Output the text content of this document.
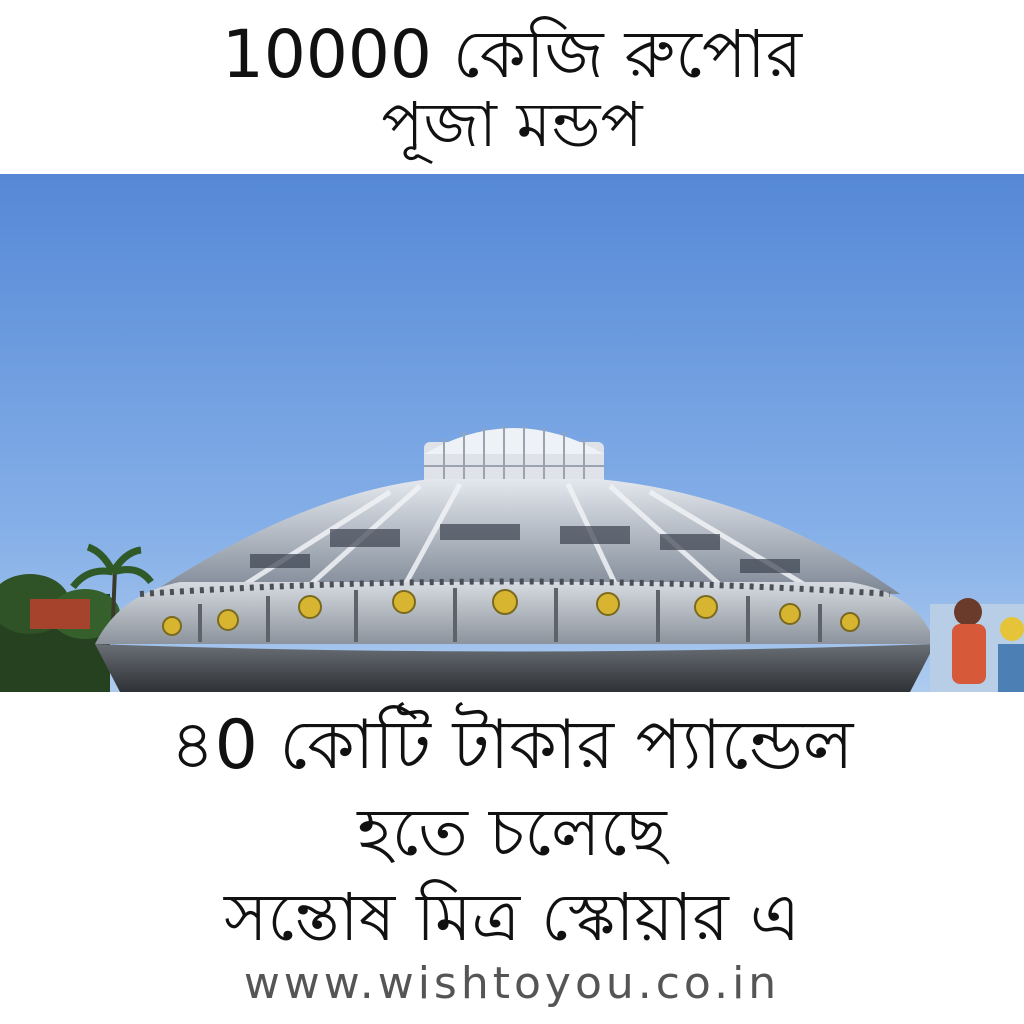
10000 কেজি রুপোর
পূজা মন্ডপ
৪0 কোটি টাকার প্যান্ডেল
হতে চলেছে
সন্তোষ মিত্র স্কোয়ার এ
www.wishtoyou.co.in
